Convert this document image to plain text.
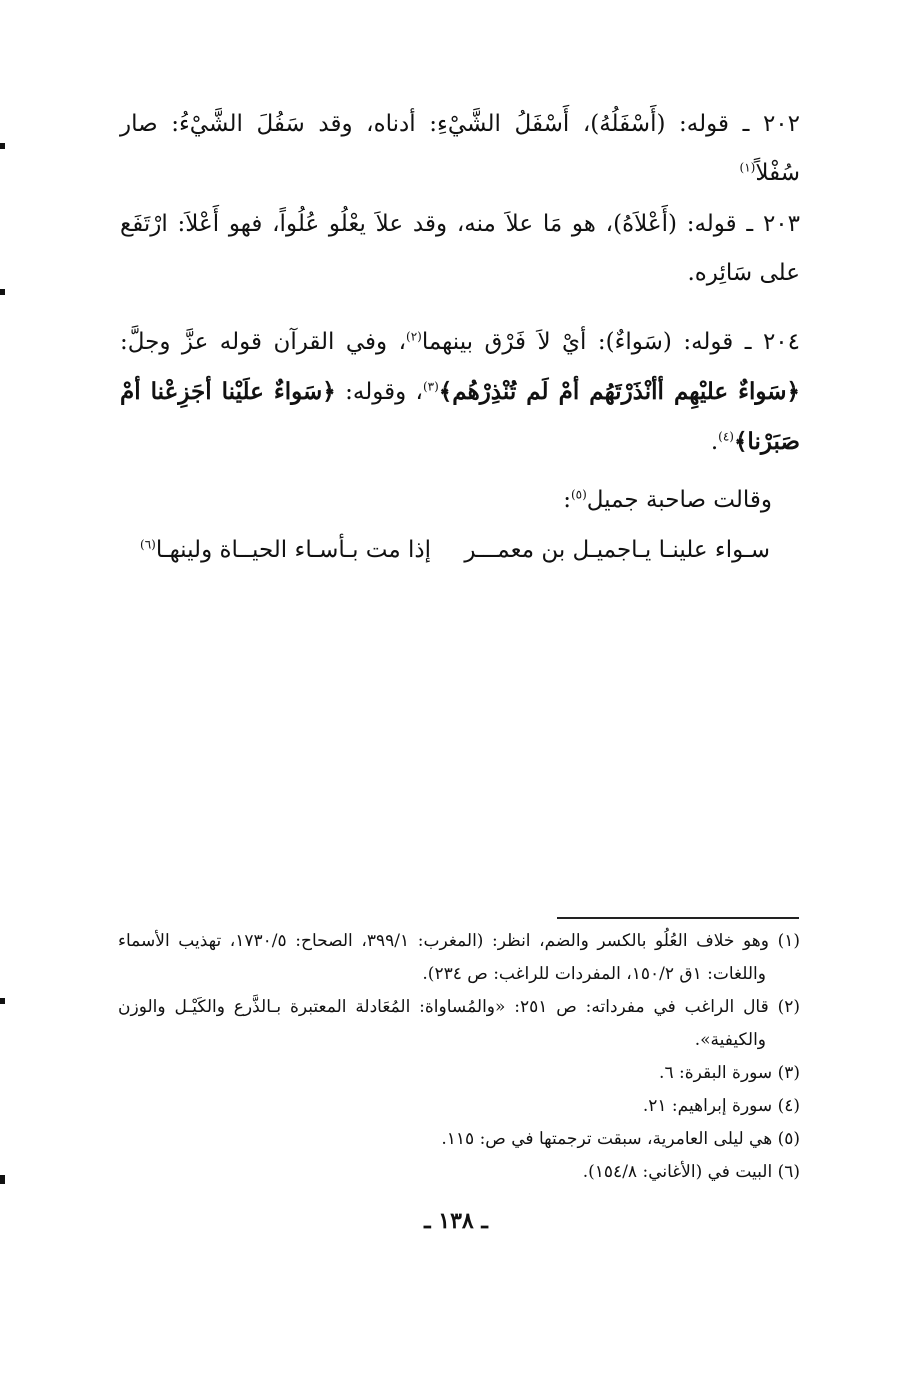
٢٠٢ ـ قوله: (أَسْفَلُهُ)، أَسْفَلُ الشَّيْءِ: أدناه، وقد سَفُلَ الشَّيْءُ: صار سُفْلاً$^{(١)}$

٢٠٣ ـ قوله: (أَعْلاَهُ)، هو مَا علاَ منه، وقد علاَ يعْلُو عُلُواً، فهو أَعْلاَ: ارْتَفَع على سَائِره.

٢٠٤ ـ قوله: (سَواءٌ): أيْ لاَ فَرْق بينهما$^{(٢)}$، وفي القرآن قوله عزَّ وجلَّ: ﴿سَواءٌ عليْهِم أأنْذَرْتَهُم أمْ لَم تُنْذِرْهُم﴾$^{(٣)}$، وقوله: ﴿سَواءٌ علَيْنا أجَزِعْنا أمْ صَبَرْنا﴾$^{(٤)}$.

وقالت صاحبة جميل$^{(٥)}$:
سـواء علينـا يـاجميـل بن معمـــر
إذا مت بـأسـاء الحيــاة ولينهـا$^{(٦)}$

(١) وهو خلاف العُلُو بالكسر والضم، انظر: (المغرب: ٣٩٩/١، الصحاح: ١٧٣٠/٥، تهذيب الأسماء واللغات: ١ق ١٥٠/٢، المفردات للراغب: ص ٢٣٤).

(٢) قال الراغب في مفرداته: ص ٢٥١: «والمُساواة: المُعَادلة المعتبرة بـالذَّرع والكَيْـل والوزن والكيفية».

(٣) سورة البقرة: ٦.

(٤) سورة إبراهيم: ٢١.

(٥) هي ليلى العامرية، سبقت ترجمتها في ص: ١١٥.

(٦) البيت في (الأغاني: ١٥٤/٨).

ـ ١٣٨ ـ
